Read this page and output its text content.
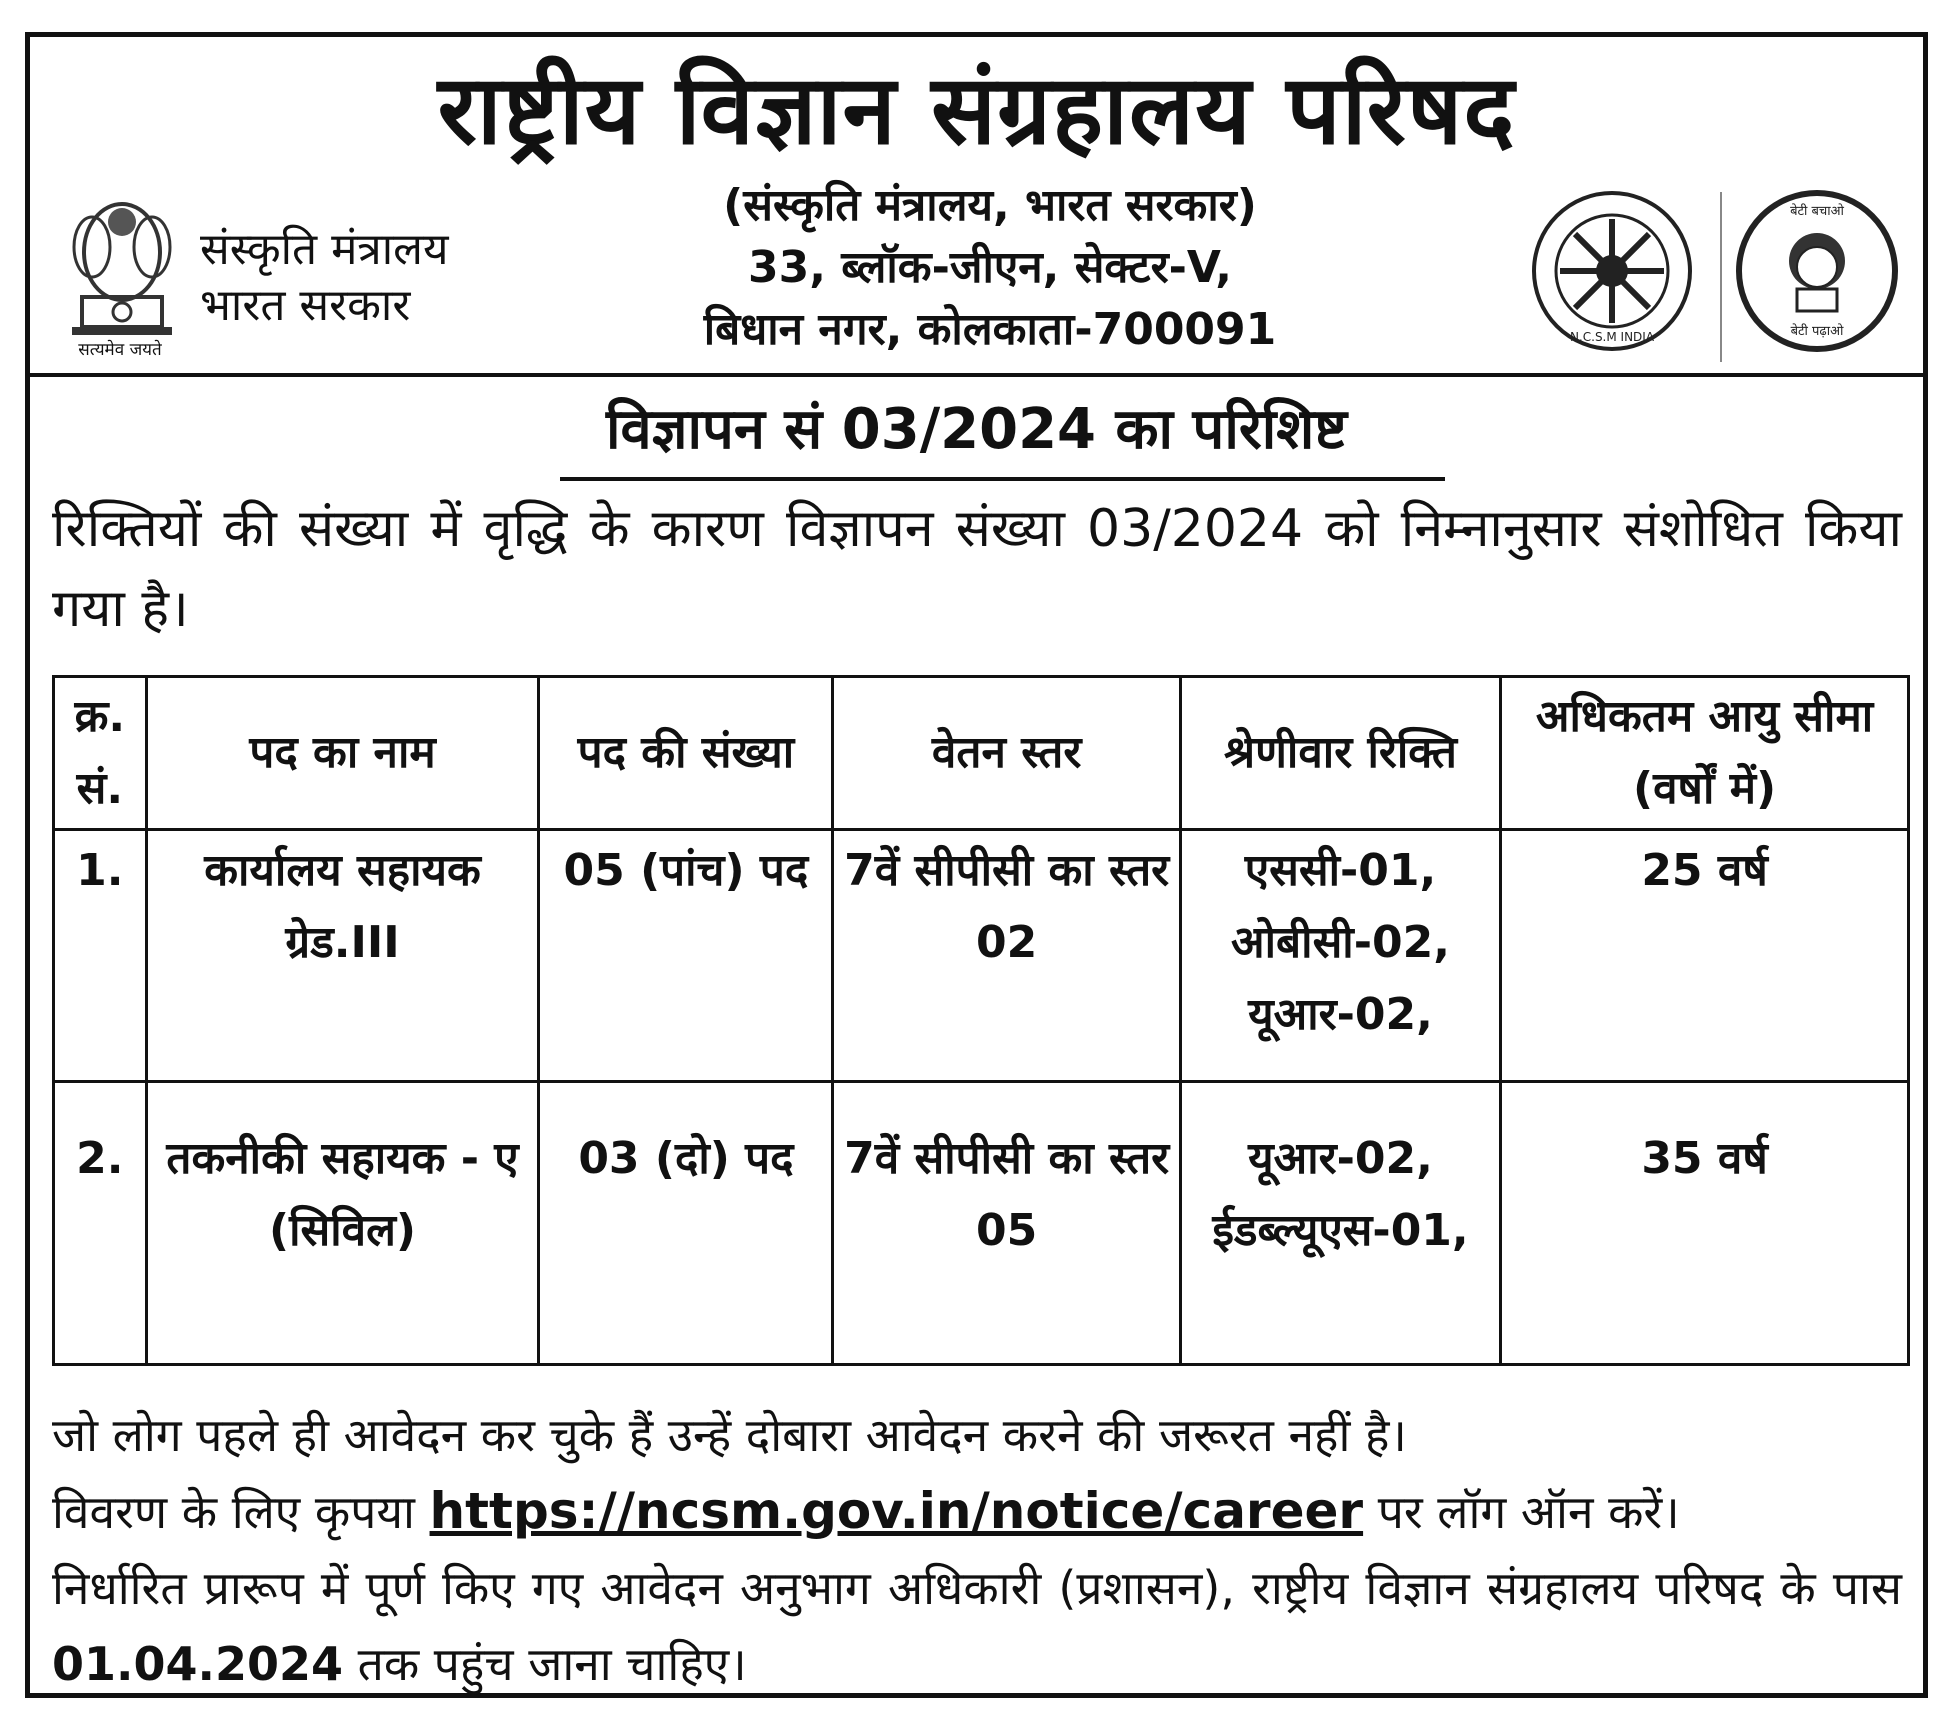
राष्ट्रीय विज्ञान संग्रहालय परिषद
सत्यमेव जयते
संस्कृति मंत्रालय
भारत सरकार
(संस्कृति मंत्रालय, भारत सरकार)
33, ब्लॉक-जीएन, सेक्टर-V,
बिधान नगर, कोलकाता-700091	N.C.S.M INDIA
बेटी बचाओ
बेटी पढ़ाओ
विज्ञापन सं 03/2024 का परिशिष्ट
रिक्तियों की संख्या में वृद्धि के कारण विज्ञापन संख्या 03/2024 को निम्नानुसार संशोधित किया गया है।
क्र. सं.	पद का नाम	पद की संख्या	वेतन स्तर	श्रेणीवार रिक्ति	अधिकतम आयु सीमा (वर्षों में)
1.	कार्यालय सहायक ग्रेड.III	05 (पांच) पद	7वें सीपीसी का स्तर 02	एससी-01, ओबीसी-02, यूआर-02,	25 वर्ष
2.	तकनीकी सहायक - ए (सिविल)	03 (दो) पद	7वें सीपीसी का स्तर 05	यूआर-02, ईडब्ल्यूएस-01,	35 वर्ष

जो लोग पहले ही आवेदन कर चुके हैं उन्हें दोबारा आवेदन करने की जरूरत नहीं है।

विवरण के लिए कृपया https://ncsm.gov.in/notice/career पर लॉग ऑन करें।

निर्धारित प्रारूप में पूर्ण किए गए आवेदन अनुभाग अधिकारी (प्रशासन), राष्ट्रीय विज्ञान संग्रहालय परिषद के पास 01.04.2024 तक पहुंच जाना चाहिए।
